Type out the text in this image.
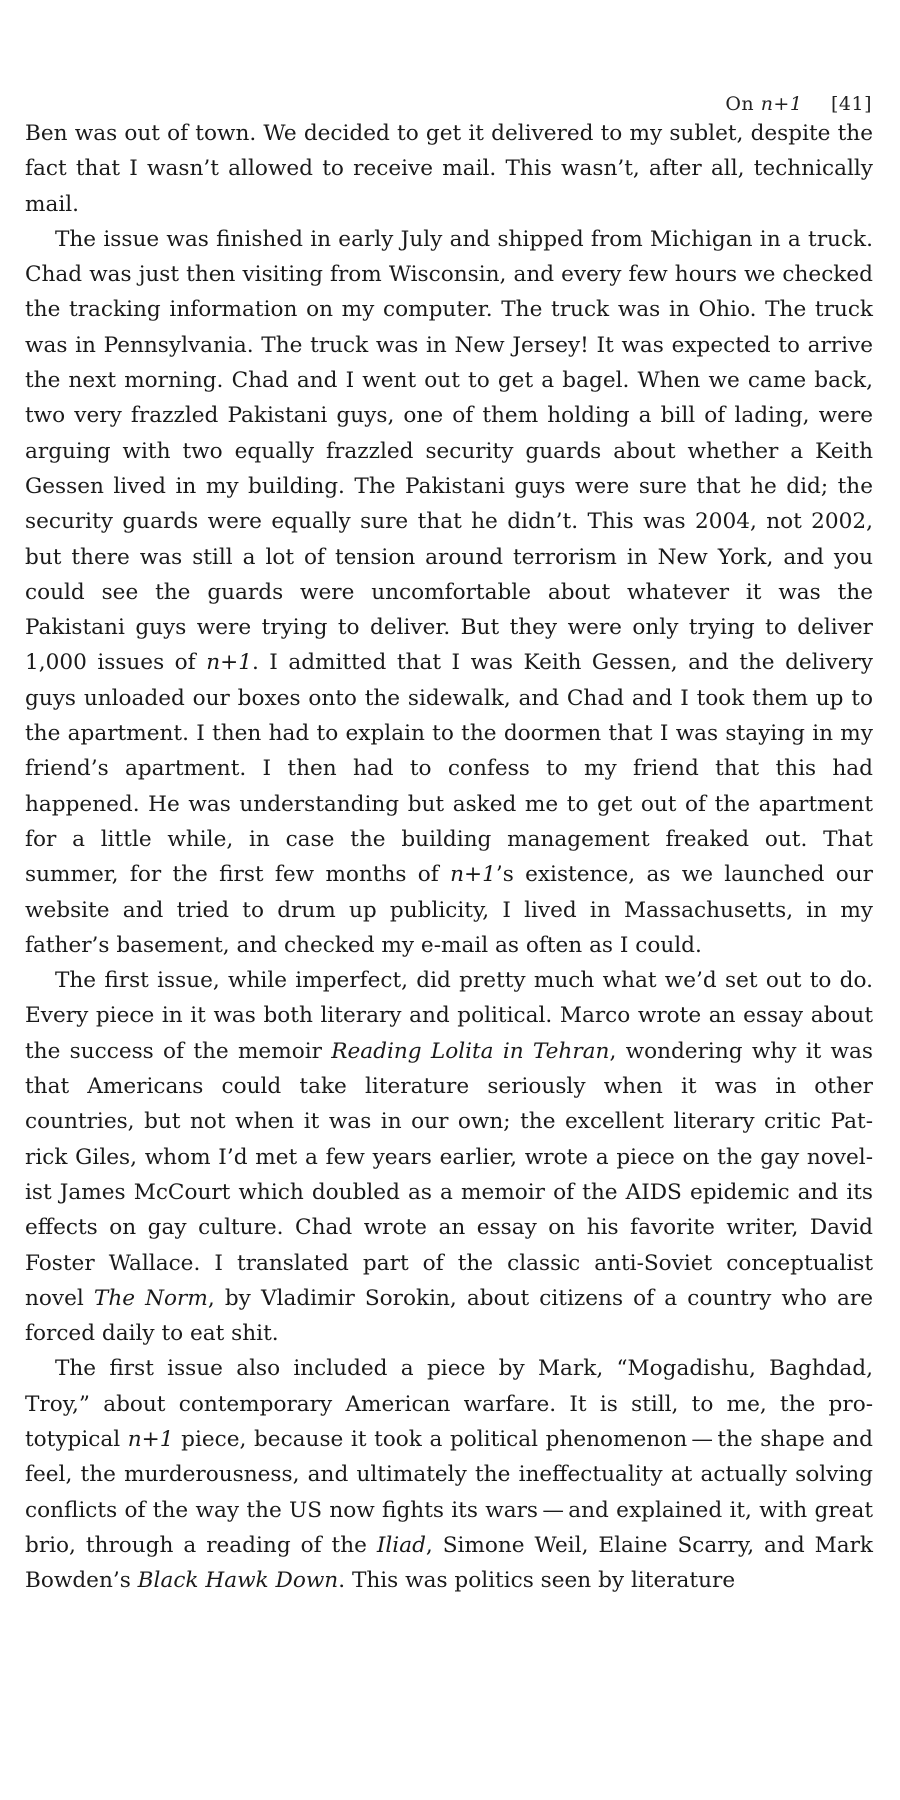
On n+1 [41]

Ben was out of town. We decided to get it delivered to my sublet, despite the fact that I wasn’t allowed to receive mail. This wasn’t, after all, technically mail.

The issue was finished in early July and shipped from Michigan in a truck. Chad was just then visiting from Wisconsin, and every few hours we checked the tracking information on my computer. The truck was in Ohio. The truck was in Pennsylvania. The truck was in New Jersey! It was expected to arrive the next morning. Chad and I went out to get a bagel. When we came back, two very frazzled Pakistani guys, one of them holding a bill of lading, were arguing with two equally frazzled security guards about whether a Keith Gessen lived in my building. The Pakistani guys were sure that he did; the security guards were equally sure that he didn’t. This was 2004, not 2002, but there was still a lot of tension around terrorism in New York, and you could see the guards were uncomfortable about whatever it was the Pakistani guys were trying to deliver. But they were only trying to deliver 1,000 issues of n+1. I admitted that I was Keith Gessen, and the delivery guys unloaded our boxes onto the sidewalk, and Chad and I took them up to the apartment. I then had to explain to the doormen that I was staying in my friend’s apartment. I then had to confess to my friend that this had happened. He was understanding but asked me to get out of the apartment for a little while, in case the building management freaked out. That summer, for the first few months of n+1’s existence, as we launched our website and tried to drum up publicity, I lived in Massachusetts, in my father’s basement, and checked my e-mail as often as I could.

The first issue, while imperfect, did pretty much what we’d set out to do. Every piece in it was both literary and political. Marco wrote an essay about the success of the memoir Reading Lolita in Tehran, wondering why it was that Americans could take literature seriously when it was in other countries, but not when it was in our own; the excellent literary critic Patrick Giles, whom I’d met a few years earlier, wrote a piece on the gay novelist James McCourt which doubled as a memoir of the AIDS epidemic and its effects on gay culture. Chad wrote an essay on his favorite writer, David Foster Wallace. I translated part of the classic anti-Soviet conceptualist novel The Norm, by Vladimir Sorokin, about citizens of a country who are forced daily to eat shit.

The first issue also included a piece by Mark, “Mogadishu, Baghdad, Troy,” about contemporary American warfare. It is still, to me, the prototypical n+1 piece, because it took a political phenomenon — the shape and feel, the murderousness, and ultimately the ineffectuality at actually solving conflicts of the way the US now fights its wars — and explained it, with great brio, through a reading of the Iliad, Simone Weil, Elaine Scarry, and Mark Bowden’s Black Hawk Down. This was politics seen by literature
